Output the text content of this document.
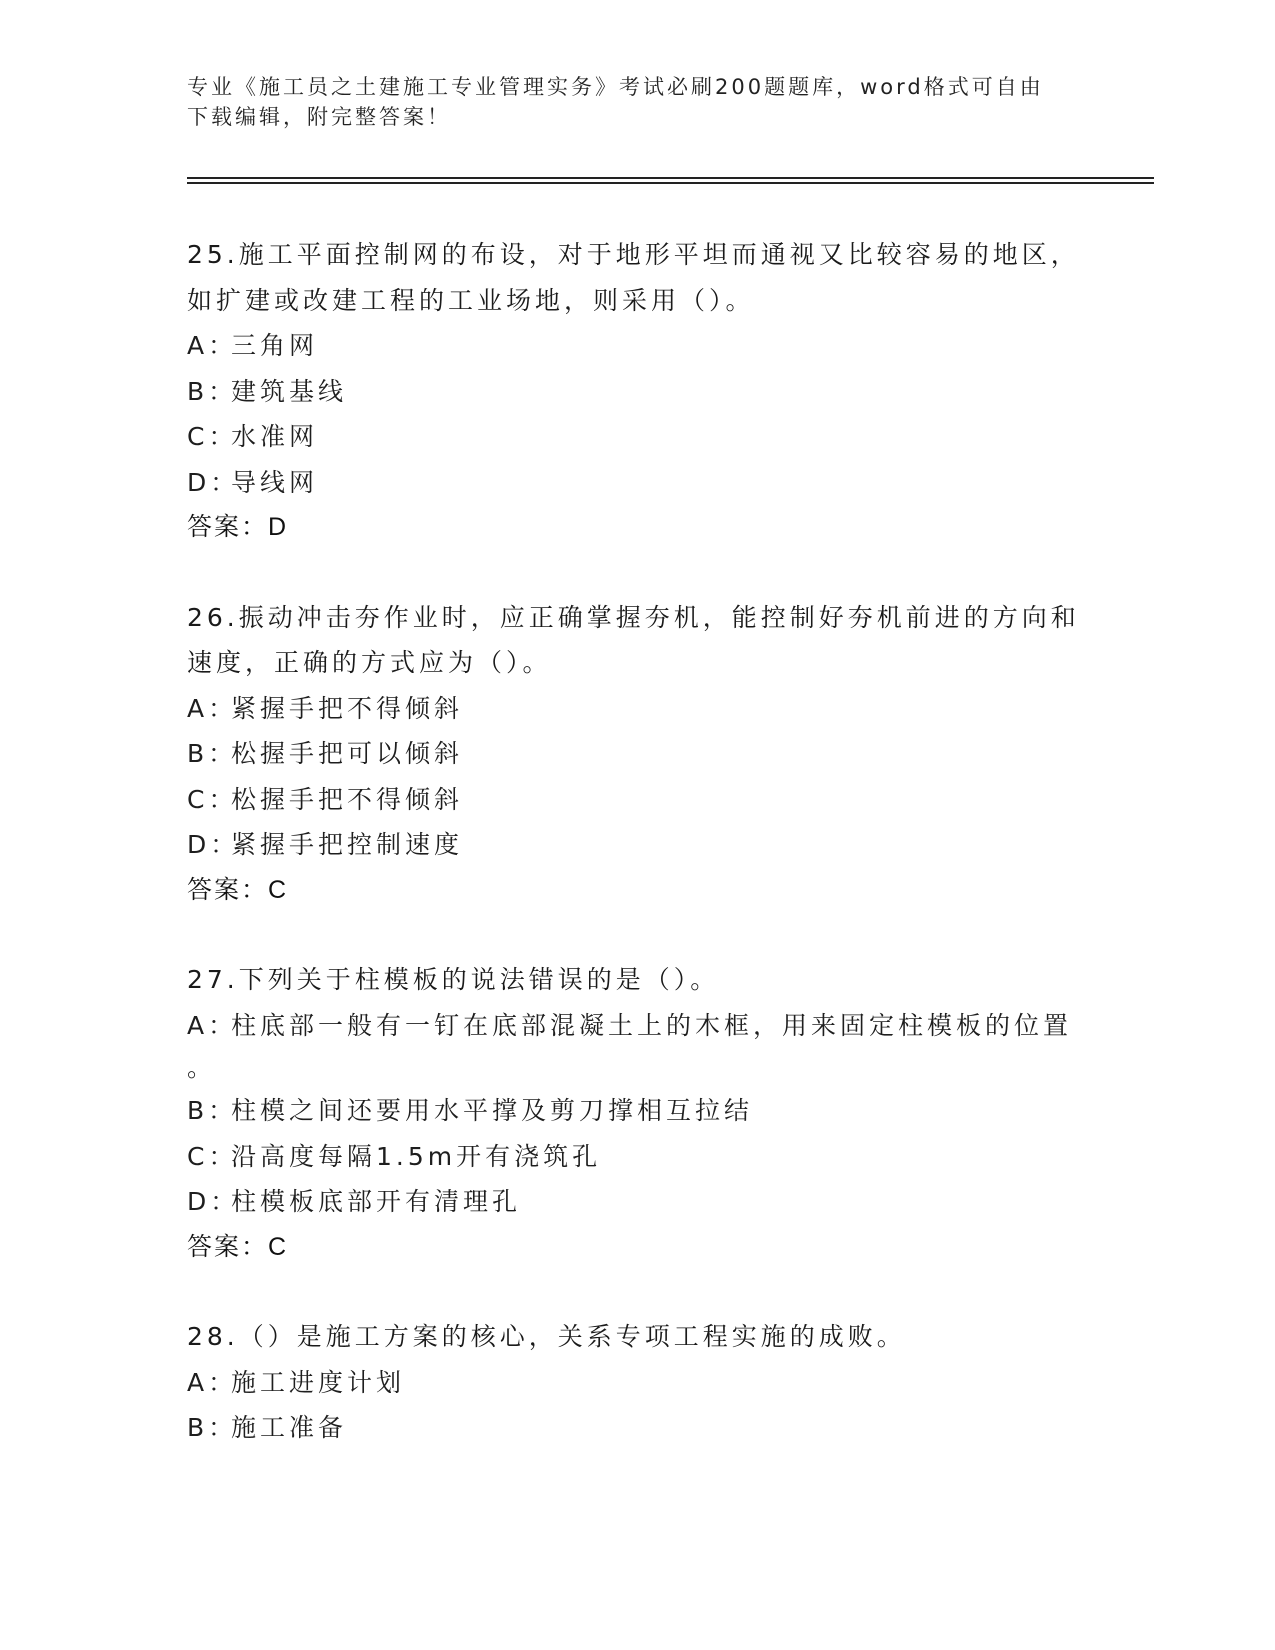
专业《施工员之土建施工专业管理实务》考试必刷200题题库，word格式可自由
下载编辑，附完整答案！
25.施工平面控制网的布设，对于地形平坦而通视又比较容易的地区，
如扩建或改建工程的工业场地，则采用（）。
A：三角网
B：建筑基线
C：水准网
D：导线网
答案：D
26.振动冲击夯作业时，应正确掌握夯机，能控制好夯机前进的方向和
速度，正确的方式应为（）。
A：紧握手把不得倾斜
B：松握手把可以倾斜
C：松握手把不得倾斜
D：紧握手把控制速度
答案：C
27.下列关于柱模板的说法错误的是（）。
A：柱底部一般有一钉在底部混凝土上的木框，用来固定柱模板的位置
。
B：柱模之间还要用水平撑及剪刀撑相互拉结
C：沿高度每隔1.5m开有浇筑孔
D：柱模板底部开有清理孔
答案：C
28.（）是施工方案的核心，关系专项工程实施的成败。
A：施工进度计划
B：施工准备
